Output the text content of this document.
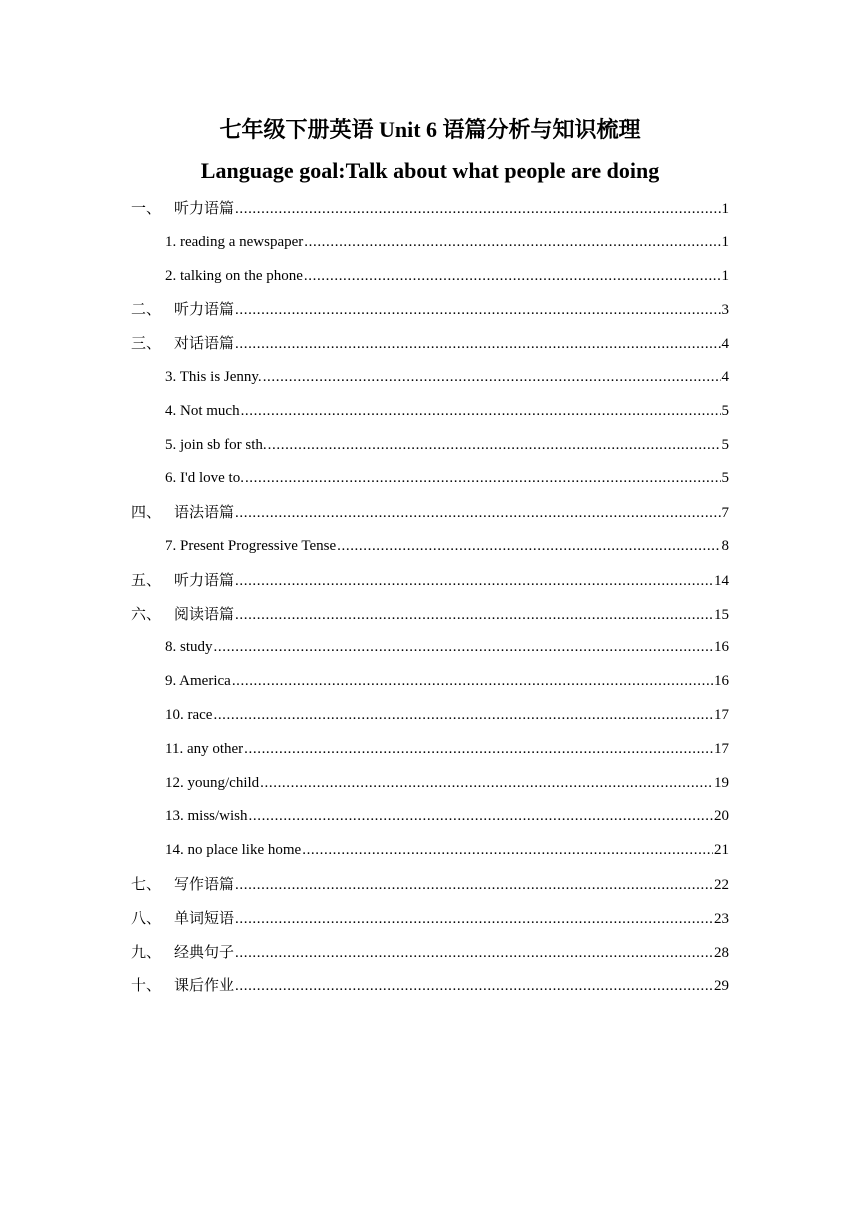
七年级下册英语 Unit 6 语篇分析与知识梳理
Language goal:Talk about what people are doing
一、 听力语篇 .....	1
1. reading a newspaper .....	1
2. talking on the phone .....	1
二、 听力语篇 .....	3
三、 对话语篇 .....	4
3. This is Jenny. .....	4
4. Not much .....	5
5. join sb for sth. .....	5
6. I'd love to. .....	5
四、 语法语篇 .....	7
7. Present Progressive Tense .....	8
五、 听力语篇 .....	14
六、 阅读语篇 .....	15
8. study .....	16
9. America .....	16
10. race .....	17
11. any other .....	17
12. young/child .....	19
13. miss/wish .....	20
14. no place like home .....	21
七、 写作语篇 .....	22
八、 单词短语 .....	23
九、 经典句子 .....	28
十、 课后作业 .....	29
